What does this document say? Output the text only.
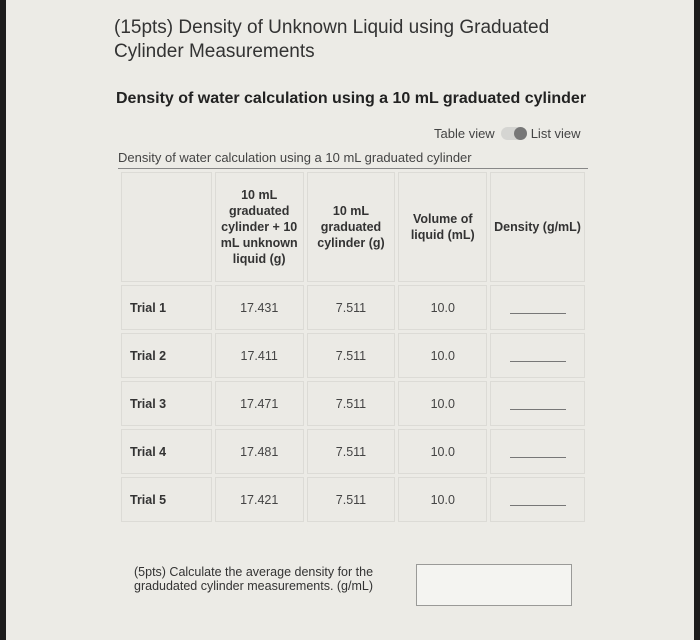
(15pts) Density of Unknown Liquid using Graduated Cylinder Measurements
Density of water calculation using a 10 mL graduated cylinder
Table view	List view
Density of water calculation using a 10 mL graduated cylinder
	10 mL graduated cylinder + 10 mL unknown liquid (g)	10 mL graduated cylinder (g)	Volume of liquid (mL)	Density (g/mL)
Trial 1	17.431	7.511	10.0	
Trial 2	17.411	7.511	10.0	
Trial 3	17.471	7.511	10.0	
Trial 4	17.481	7.511	10.0	
Trial 5	17.421	7.511	10.0	
(5pts) Calculate the average density for the gradudated cylinder measurements. (g/mL)
